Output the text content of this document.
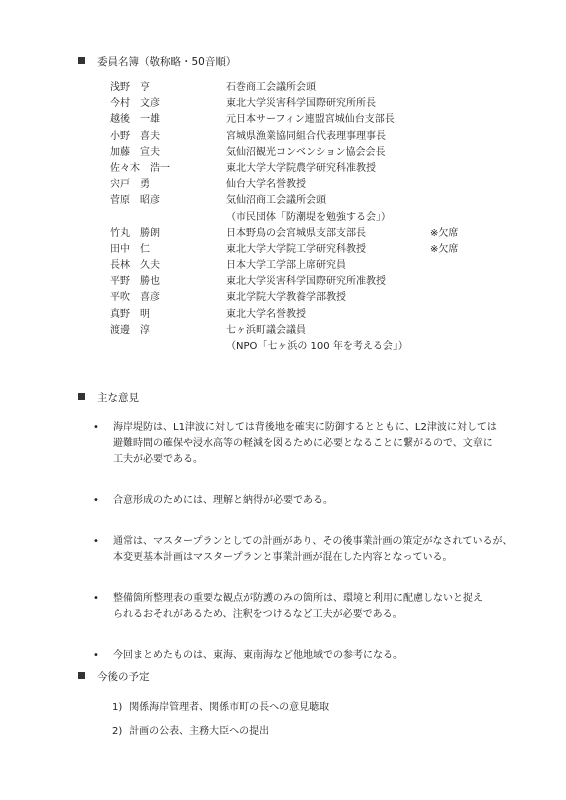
委員名簿（敬称略・50音順）
浅野　亨	石巻商工会議所会頭
今村　文彦	東北大学災害科学国際研究所所長
越後　一雄	元日本サーフィン連盟宮城仙台支部長
小野　喜夫	宮城県漁業協同組合代表理事理事長
加藤　宣夫	気仙沼観光コンベンション協会会長
佐々木　浩一	東北大学大学院農学研究科准教授
宍戸　勇	仙台大学名誉教授
菅原　昭彦	気仙沼商工会議所会頭
（市民団体「防潮堤を勉強する会」）
竹丸　勝朗	日本野鳥の会宮城県支部支部長	※欠席
田中　仁	東北大学大学院工学研究科教授	※欠席
長林　久夫	日本大学工学部上席研究員
平野　勝也	東北大学災害科学国際研究所准教授
平吹　喜彦	東北学院大学教養学部教授
真野　明	東北大学名誉教授
渡邊　淳	七ヶ浜町議会議員
（NPO「七ヶ浜の 100 年を考える会」）
主な意見
• 海岸堤防は、L1津波に対しては背後地を確実に防御するとともに、L2津波に対しては
避難時間の確保や浸水高等の軽減を図るために必要となることに繋がるので、文章に
工夫が必要である。
• 合意形成のためには、理解と納得が必要である。
• 通常は、マスタープランとしての計画があり、その後事業計画の策定がなされているが、
本変更基本計画はマスタープランと事業計画が混在した内容となっている。
• 整備箇所整理表の重要な観点が防護のみの箇所は、環境と利用に配慮しないと捉え
られるおそれがあるため、注釈をつけるなど工夫が必要である。
• 今回まとめたものは、東海、東南海など他地域での参考になる。
今後の予定
1) 関係海岸管理者、関係市町の長への意見聴取
2) 計画の公表、主務大臣への提出
